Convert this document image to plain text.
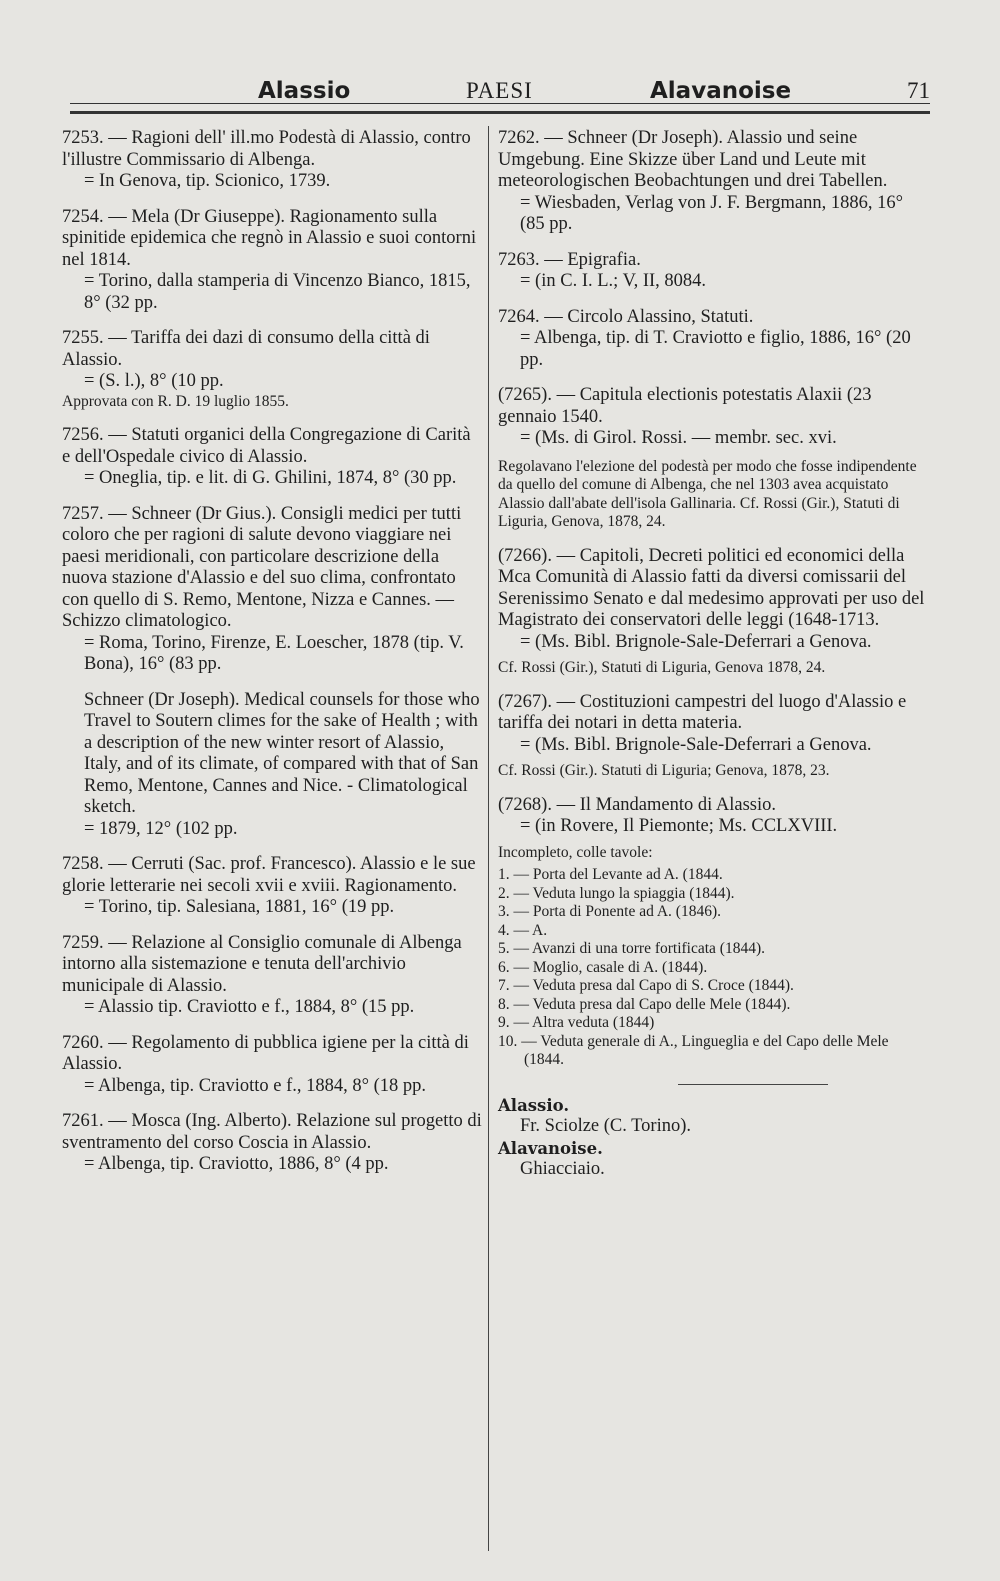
Alassio	PAESI	Alavanoise	71

7253. — Ragioni dell' ill.mo Podestà di Alassio, contro l'illustre Commissario di Albenga.

= In Genova, tip. Scionico, 1739.

7254. — Mela (Dr Giuseppe). Ragionamento sulla spinitide epidemica che regnò in Alassio e suoi contorni nel 1814.

= Torino, dalla stamperia di Vincenzo Bianco, 1815, 8° (32 pp.

7255. — Tariffa dei dazi di consumo della città di Alassio.

= (S. l.), 8° (10 pp.

Approvata con R. D. 19 luglio 1855.

7256. — Statuti organici della Congregazione di Carità e dell'Ospedale civico di Alassio.

= Oneglia, tip. e lit. di G. Ghilini, 1874, 8° (30 pp.

7257. — Schneer (Dr Gius.). Consigli medici per tutti coloro che per ragioni di salute devono viaggiare nei paesi meridionali, con particolare descrizione della nuova stazione d'Alassio e del suo clima, confrontato con quello di S. Remo, Mentone, Nizza e Cannes. — Schizzo climatologico.

= Roma, Torino, Firenze, E. Loescher, 1878 (tip. V. Bona), 16° (83 pp.

Schneer (Dr Joseph). Medical counsels for those who Travel to Soutern climes for the sake of Health ; with a description of the new winter resort of Alassio, Italy, and of its climate, of compared with that of San Remo, Mentone, Cannes and Nice. - Climatological sketch.

= 1879, 12° (102 pp.

7258. — Cerruti (Sac. prof. Francesco). Alassio e le sue glorie letterarie nei secoli xvii e xviii. Ragionamento.

= Torino, tip. Salesiana, 1881, 16° (19 pp.

7259. — Relazione al Consiglio comunale di Albenga intorno alla sistemazione e tenuta dell'archivio municipale di Alassio.

= Alassio tip. Craviotto e f., 1884, 8° (15 pp.

7260. — Regolamento di pubblica igiene per la città di Alassio.

= Albenga, tip. Craviotto e f., 1884, 8° (18 pp.

7261. — Mosca (Ing. Alberto). Relazione sul progetto di sventramento del corso Coscia in Alassio.

= Albenga, tip. Craviotto, 1886, 8° (4 pp.

7262. — Schneer (Dr Joseph). Alassio und seine Umgebung. Eine Skizze über Land und Leute mit meteorologischen Beobachtungen und drei Tabellen.

= Wiesbaden, Verlag von J. F. Bergmann, 1886, 16° (85 pp.

7263. — Epigrafia.

= (in C. I. L.; V, II, 8084.

7264. — Circolo Alassino, Statuti.

= Albenga, tip. di T. Craviotto e figlio, 1886, 16° (20 pp.

(7265). — Capitula electionis potestatis Alaxii (23 gennaio 1540.

= (Ms. di Girol. Rossi. — membr. sec. xvi.

Regolavano l'elezione del podestà per modo che fosse indipendente da quello del comune di Albenga, che nel 1303 avea acquistato Alassio dall'abate dell'isola Gallinaria. Cf. Rossi (Gir.), Statuti di Liguria, Genova, 1878, 24.

(7266). — Capitoli, Decreti politici ed economici della Mca Comunità di Alassio fatti da diversi comissarii del Serenissimo Senato e dal medesimo approvati per uso del Magistrato dei conservatori delle leggi (1648-1713.

= (Ms. Bibl. Brignole-Sale-Deferrari a Genova.

Cf. Rossi (Gir.), Statuti di Liguria, Genova 1878, 24.

(7267). — Costituzioni campestri del luogo d'Alassio e tariffa dei notari in detta materia.

= (Ms. Bibl. Brignole-Sale-Deferrari a Genova.

Cf. Rossi (Gir.). Statuti di Liguria; Genova, 1878, 23.

(7268). — Il Mandamento di Alassio.

= (in Rovere, Il Piemonte; Ms. CCLXVIII.

Incompleto, colle tavole:

1. — Porta del Levante ad A. (1844.
2. — Veduta lungo la spiaggia (1844).
3. — Porta di Ponente ad A. (1846).
4. — A.
5. — Avanzi di una torre fortificata (1844).
6. — Moglio, casale di A. (1844).
7. — Veduta presa dal Capo di S. Croce (1844).
8. — Veduta presa dal Capo delle Mele (1844).
9. — Altra veduta (1844)
10. — Veduta generale di A., Lingueglia e del Capo delle Mele (1844.

Alassio.

Fr. Sciolze (C. Torino).

Alavanoise.

Ghiacciaio.
